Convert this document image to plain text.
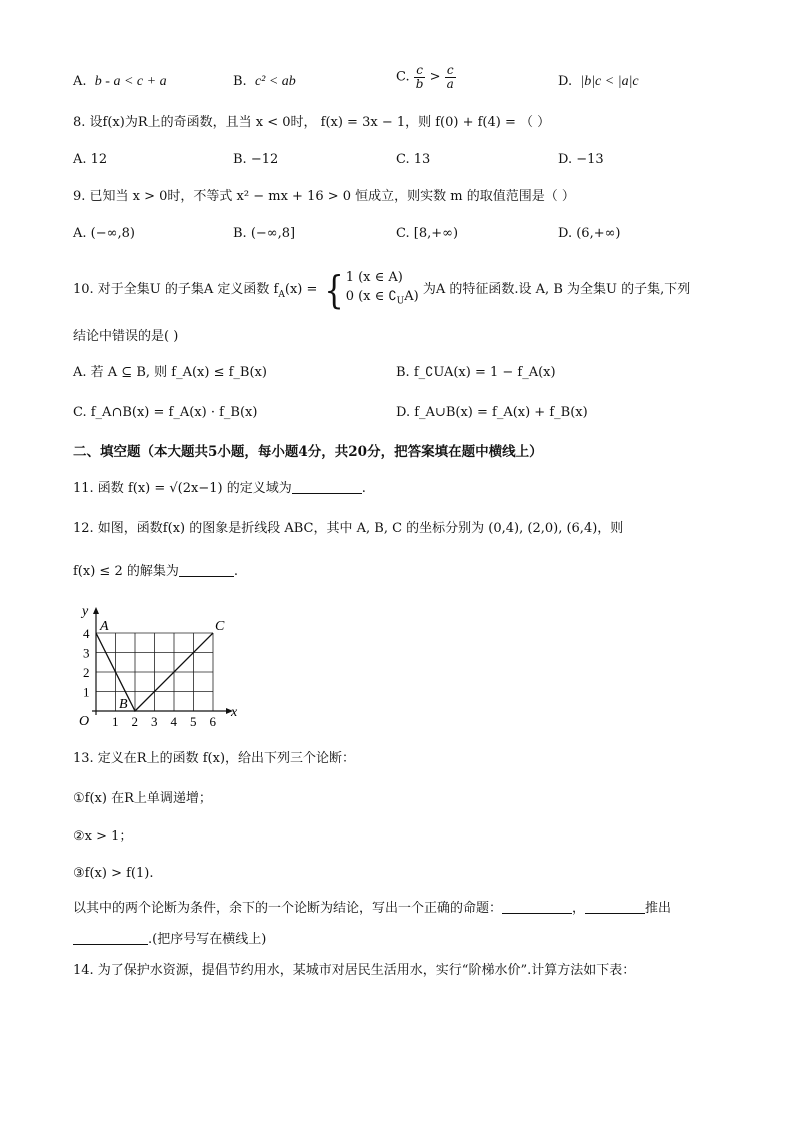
A. b - a < c + a	B. c² < ab	C. $\frac{c}{b} > \frac{c}{a}$	D. |b|c < |a|c
8. 设f(x)为R上的奇函数，且当 x < 0时， f(x) = 3x − 1，则 f(0) + f(4) = （ ）
A. 12	B. −12	C. 13	D. −13
9. 已知当 x > 0时，不等式 x² − mx + 16 > 0 恒成立，则实数 m 的取值范围是（ ）
A. (−∞,8)	B. (−∞,8]	C. [8,+∞)	D. (6,+∞)
10. 对于全集U 的子集A 定义函数 $f_A(x)$ = { 1 (x ∈ A)
0 (x ∈ $∁_UA$) 为A 的特征函数.设 A, B 为全集U 的子集,下列
结论中错误的是( )
A. 若 A ⊆ B, 则 f_A(x) ≤ f_B(x)	B. f_∁UA(x) = 1 − f_A(x)
C. f_A∩B(x) = f_A(x) · f_B(x)	D. f_A∪B(x) = f_A(x) + f_B(x)
二、填空题（本大题共5小题，每小题4分，共20分，把答案填在题中横线上）
11. 函数 f(x) = √(2x−1) 的定义域为	.
12. 如图，函数f(x) 的图象是折线段 ABC，其中 A, B, C 的坐标分别为 (0,4), (2,0), (6,4)，则
f(x) ≤ 2 的解集为	.
y
x
O 1 2 3 4 5 6
1
2
3
4 A
B
C
13. 定义在R上的函数 f(x)，给出下列三个论断：
①f(x) 在R上单调递增；
②x > 1；
③f(x) > f(1).
以其中的两个论断为条件，余下的一个论断为结论，写出一个正确的命题：	，	推出
.(把序号写在横线上)
14. 为了保护水资源，提倡节约用水，某城市对居民生活用水，实行“阶梯水价”.计算方法如下表：
